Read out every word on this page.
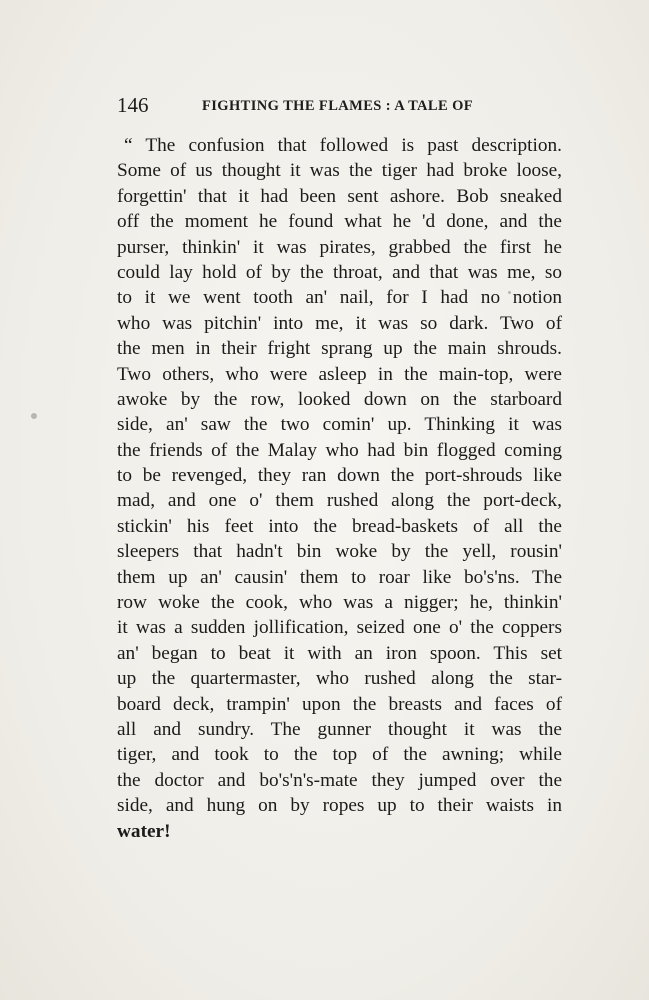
146	FIGHTING THE FLAMES : A TALE OF
“ The confusion that followed is past description.
Some of us thought it was the tiger had broke loose,
forgettin' that it had been sent ashore. Bob sneaked
off the moment he found what he 'd done, and the
purser, thinkin' it was pirates, grabbed the first he
could lay hold of by the throat, and that was me, so
to it we went tooth an' nail, for I had no notion
who was pitchin' into me, it was so dark. Two of
the men in their fright sprang up the main shrouds.
Two others, who were asleep in the main-top, were
awoke by the row, looked down on the starboard
side, an' saw the two comin' up. Thinking it was
the friends of the Malay who had bin flogged coming
to be revenged, they ran down the port-shrouds like
mad, and one o' them rushed along the port-deck,
stickin' his feet into the bread-baskets of all the
sleepers that hadn't bin woke by the yell, rousin'
them up an' causin' them to roar like bo's'ns. The
row woke the cook, who was a nigger; he, thinkin'
it was a sudden jollification, seized one o' the coppers
an' began to beat it with an iron spoon. This set
up the quartermaster, who rushed along the star-
board deck, trampin' upon the breasts and faces of
all and sundry. The gunner thought it was the
tiger, and took to the top of the awning; while
the doctor and bo's'n's-mate they jumped over the
side, and hung on by ropes up to their waists in
water!
